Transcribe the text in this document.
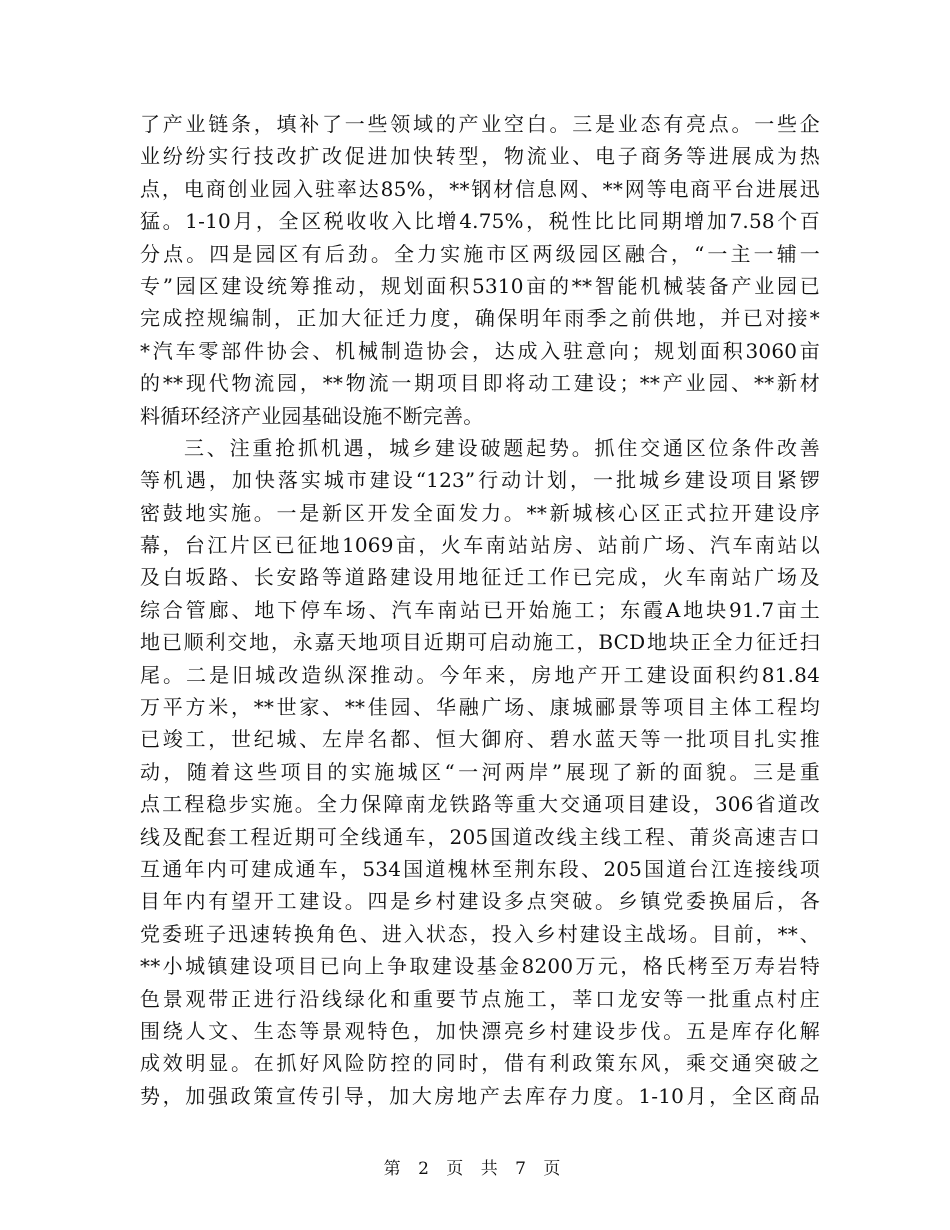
了产业链条，填补了一些领域的产业空白。三是业态有亮点。一些企
业纷纷实行技改扩改促进加快转型，物流业、电子商务等进展成为热
点，电商创业园入驻率达85%，**钢材信息网、**网等电商平台进展迅
猛。1-10月，全区税收收入比增4.75%，税性比比同期增加7.58个百
分点。四是园区有后劲。全力实施市区两级园区融合，“一主一辅一
专”园区建设统筹推动，规划面积5310亩的**智能机械装备产业园已
完成控规编制，正加大征迁力度，确保明年雨季之前供地，并已对接*
*汽车零部件协会、机械制造协会，达成入驻意向；规划面积3060亩
的**现代物流园，**物流一期项目即将动工建设；**产业园、**新材
料循环经济产业园基础设施不断完善。
三、注重抢抓机遇，城乡建设破题起势。抓住交通区位条件改善
等机遇，加快落实城市建设“123”行动计划，一批城乡建设项目紧锣
密鼓地实施。一是新区开发全面发力。**新城核心区正式拉开建设序
幕，台江片区已征地1069亩，火车南站站房、站前广场、汽车南站以
及白坂路、长安路等道路建设用地征迁工作已完成，火车南站广场及
综合管廊、地下停车场、汽车南站已开始施工；东霞A地块91.7亩土
地已顺利交地，永嘉天地项目近期可启动施工，BCD地块正全力征迁扫
尾。二是旧城改造纵深推动。今年来，房地产开工建设面积约81.84
万平方米，**世家、**佳园、华融广场、康城郦景等项目主体工程均
已竣工，世纪城、左岸名都、恒大御府、碧水蓝天等一批项目扎实推
动，随着这些项目的实施城区“一河两岸”展现了新的面貌。三是重
点工程稳步实施。全力保障南龙铁路等重大交通项目建设，306省道改
线及配套工程近期可全线通车，205国道改线主线工程、莆炎高速吉口
互通年内可建成通车，534国道槐林至荆东段、205国道台江连接线项
目年内有望开工建设。四是乡村建设多点突破。乡镇党委换届后，各
党委班子迅速转换角色、进入状态，投入乡村建设主战场。目前，**、
**小城镇建设项目已向上争取建设基金8200万元，格氏栲至万寿岩特
色景观带正进行沿线绿化和重要节点施工，莘口龙安等一批重点村庄
围绕人文、生态等景观特色，加快漂亮乡村建设步伐。五是库存化解
成效明显。在抓好风险防控的同时，借有利政策东风，乘交通突破之
势，加强政策宣传引导，加大房地产去库存力度。1-10月，全区商品
第 2 页 共 7 页
